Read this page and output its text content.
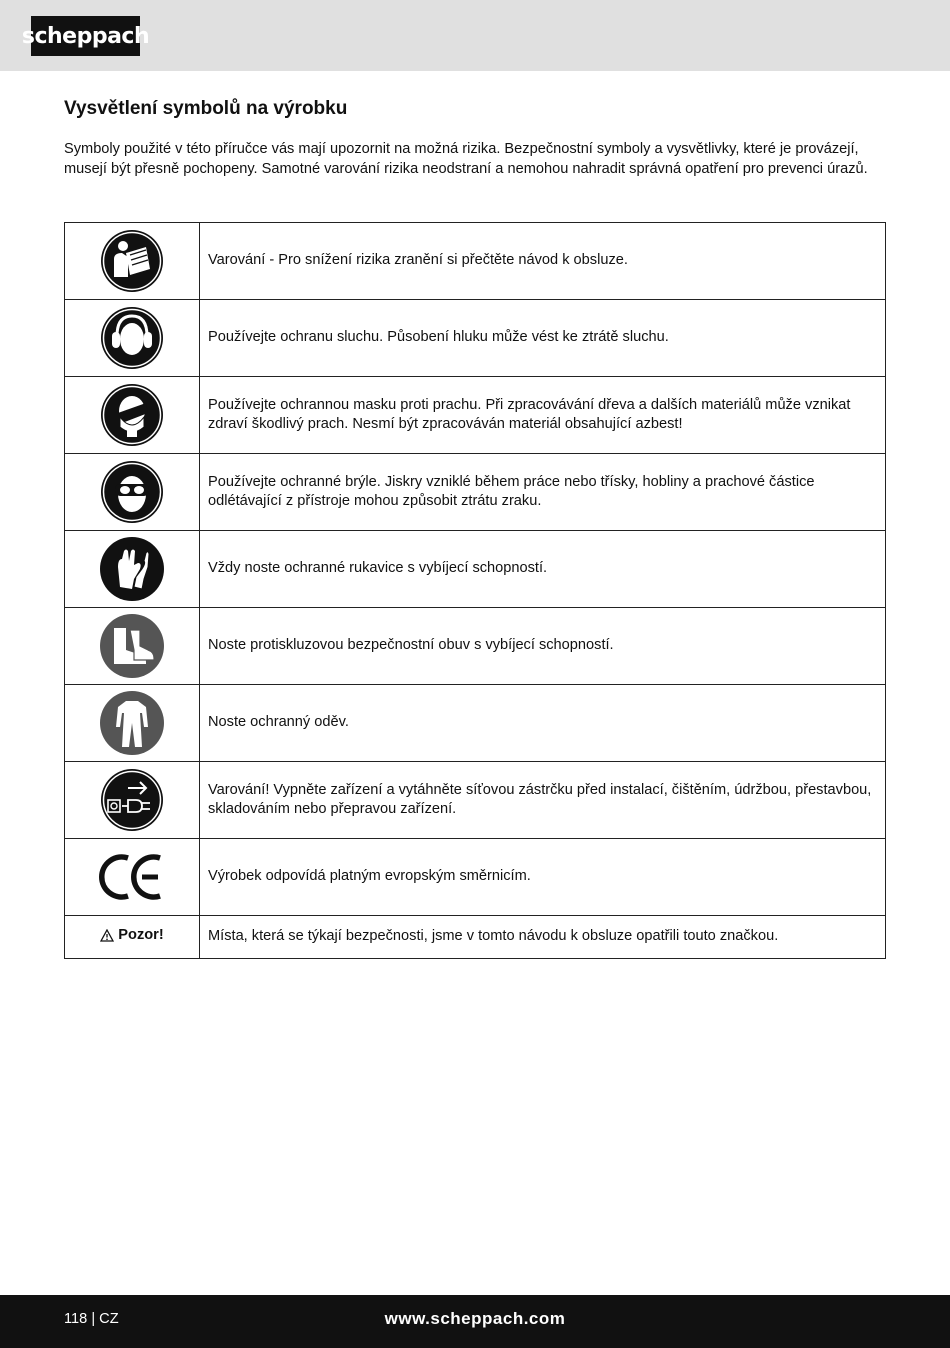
scheppach
Vysvětlení symbolů na výrobku

Symboly použité v této příručce vás mají upozornit na možná rizika. Bezpečnostní symboly a vysvětlivky, které je provázejí, musejí být přesně pochopeny. Samotné varování rizika neodstraní a nemohou nahradit správná opatření pro prevenci úrazů.

	Varování - Pro snížení rizika zranění si přečtěte návod k obsluze.

	Používejte ochranu sluchu. Působení hluku může vést ke ztrátě sluchu.

	Používejte ochrannou masku proti prachu. Při zpracovávání dřeva a dalších materiálů může vznikat zdraví škodlivý prach. Nesmí být zpracováván materiál obsahující azbest!

	Používejte ochranné brýle. Jiskry vzniklé během práce nebo třísky, hobliny a prachové částice odlétávající z přístroje mohou způsobit ztrátu zraku.

	Vždy noste ochranné rukavice s vybíjecí schopností.

	Noste protiskluzovou bezpečnostní obuv s vybíjecí schopností.

	Noste ochranný oděv.

	Varování! Vypněte zařízení a vytáhněte síťovou zástrčku před instalací, čištěním, údržbou, přestavbou, skladováním nebo přepravou zařízení.

	Výrobek odpovídá platným evropským směrnicím.

Pozor!	Místa, která se týkají bezpečnosti, jsme v tomto návodu k obsluze opatřili touto značkou.
118 | CZ	www.scheppach.com
